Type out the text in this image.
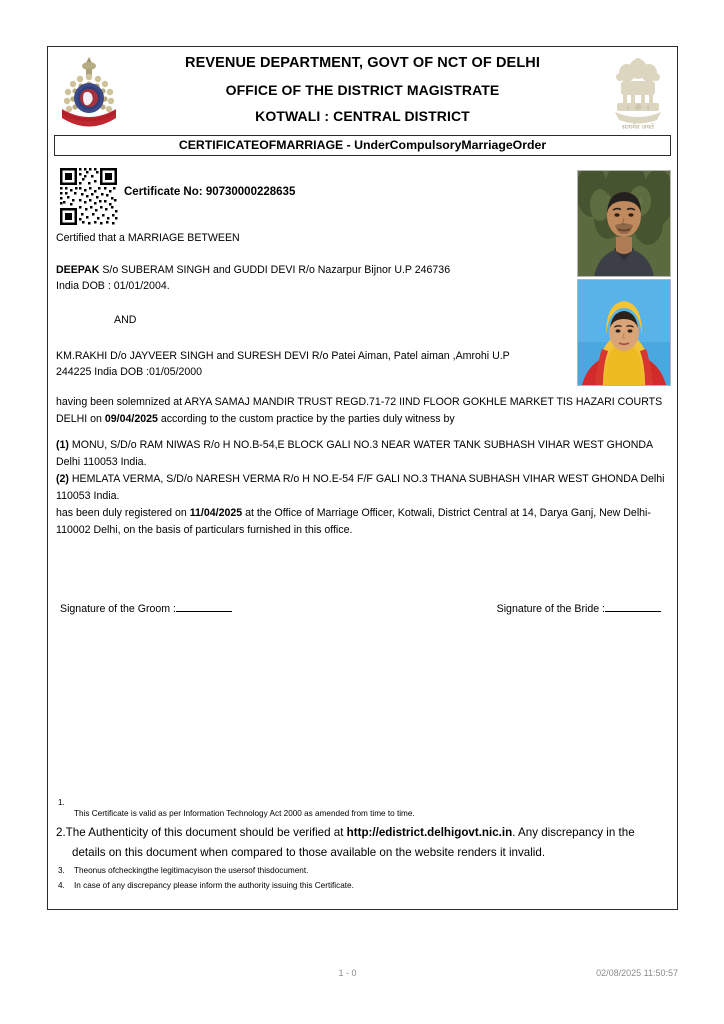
REVENUE DEPARTMENT, GOVT OF NCT OF DELHI
OFFICE OF THE DISTRICT MAGISTRATE
KOTWALI : CENTRAL DISTRICT
सत्यमेव जयते
CERTIFICATEOFMARRIAGE - UnderCompulsoryMarriageOrder
Certificate No: 90730000228635
Certified that a MARRIAGE BETWEEN
DEEPAK S/o SUBERAM SINGH and GUDDI DEVI R/o Nazarpur Bijnor U.P 246736
India DOB : 01/01/2004.
AND
KM.RAKHI D/o JAYVEER SINGH and SURESH DEVI R/o Patei Aiman, Patel aiman ,Amrohi U.P
244225 India DOB :01/05/2000
having been solemnized at ARYA SAMAJ MANDIR TRUST REGD.71-72 IIND FLOOR GOKHLE MARKET TIS HAZARI COURTS DELHI on 09/04/2025 according to the custom practice by the parties duly witness by
(1) MONU, S/D/o RAM NIWAS R/o H NO.B-54,E BLOCK GALI NO.3 NEAR WATER TANK SUBHASH VIHAR WEST GHONDA Delhi 110053 India.
(2) HEMLATA VERMA, S/D/o NARESH VERMA R/o H NO.E-54 F/F GALI NO.3 THANA SUBHASH VIHAR WEST GHONDA Delhi 110053 India.
has been duly registered on 11/04/2025 at the Office of Marriage Officer, Kotwali, District Central at 14, Darya Ganj, New Delhi-110002 Delhi, on the basis of particulars furnished in this office.
Signature of the Groom :	Signature of the Bride :
1.
This Certificate is valid as per Information Technology Act 2000 as amended from time to time.
2.The Authenticity of this document should be verified at http://edistrict.delhigovt.nic.in. Any discrepancy in the
details on this document when compared to those available on the website renders it invalid.
3. Theonus ofcheckingthe legitimacyison the usersof thisdocument.
4. In case of any discrepancy please inform the authority issuing this Certificate.
1 - 0	02/08/2025 11:50:57
